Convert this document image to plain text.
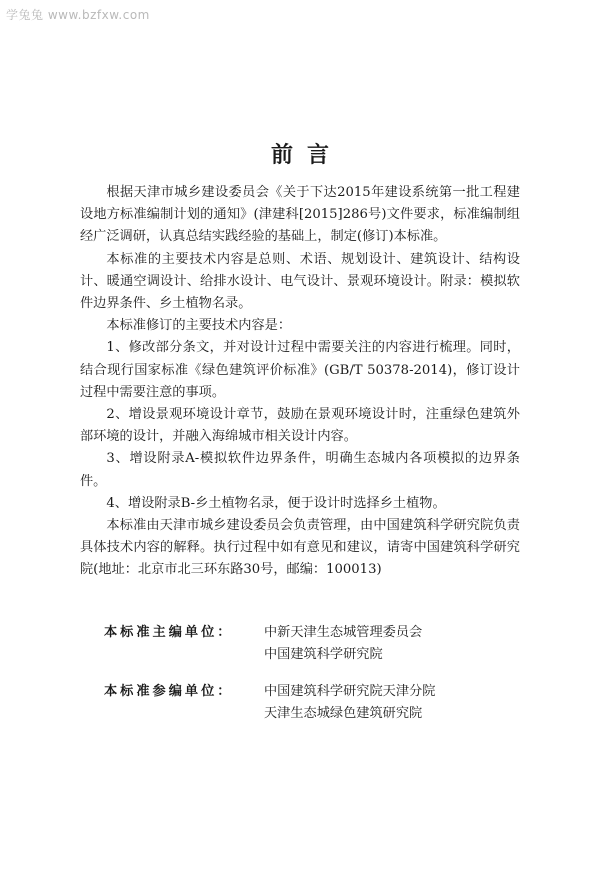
学兔兔 www.bzfxw.com
前言

根据天津市城乡建设委员会《关于下达2015年建设系统第一批工程建设地方标准编制计划的通知》(津建科[2015]286号)文件要求，标准编制组经广泛调研，认真总结实践经验的基础上，制定(修订)本标准。

本标准的主要技术内容是总则、术语、规划设计、建筑设计、结构设计、暖通空调设计、给排水设计、电气设计、景观环境设计。附录：模拟软件边界条件、乡土植物名录。

本标准修订的主要技术内容是：

1、修改部分条文，并对设计过程中需要关注的内容进行梳理。同时，结合现行国家标准《绿色建筑评价标准》(GB/T 50378-2014)，修订设计过程中需要注意的事项。

2、增设景观环境设计章节，鼓励在景观环境设计时，注重绿色建筑外部环境的设计，并融入海绵城市相关设计内容。

3、增设附录A-模拟软件边界条件，明确生态城内各项模拟的边界条件。

4、增设附录B-乡土植物名录，便于设计时选择乡土植物。

本标准由天津市城乡建设委员会负责管理，由中国建筑科学研究院负责具体技术内容的解释。执行过程中如有意见和建议，请寄中国建筑科学研究院(地址：北京市北三环东路30号，邮编：100013)

本标准主编单位：	中新天津生态城管理委员会
中国建筑科学研究院
本标准参编单位：	中国建筑科学研究院天津分院
天津生态城绿色建筑研究院
